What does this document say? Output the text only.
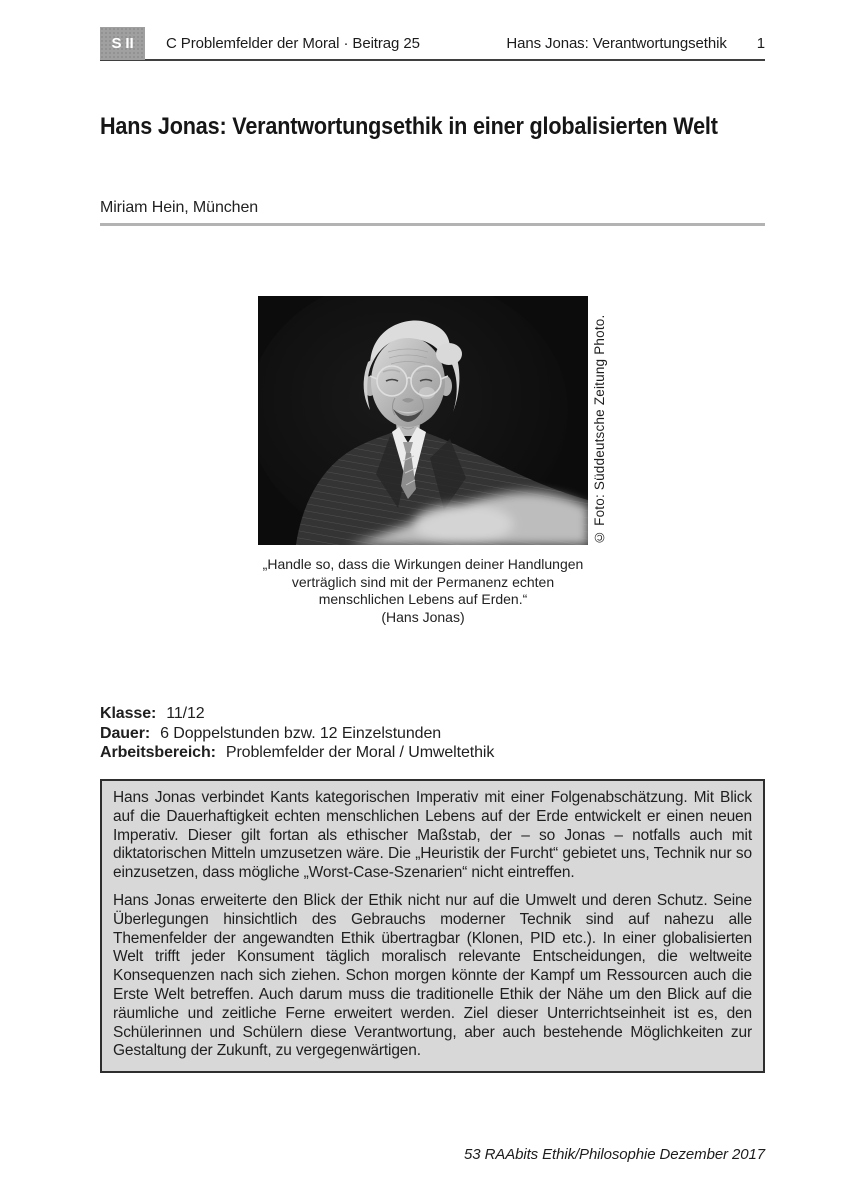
S II	C Problemfelder der Moral · Beitrag 25	Hans Jonas: Verantwortungsethik 1
Hans Jonas: Verantwortungsethik in einer globalisierten Welt
Miriam Hein, München
© Foto: Süddeutsche Zeitung Photo.
„Handle so, dass die Wirkungen deiner Handlungen
verträglich sind mit der Permanenz echten
menschlichen Lebens auf Erden.“
(Hans Jonas)
Klasse: 11/12
Dauer: 6 Doppelstunden bzw. 12 Einzelstunden
Arbeitsbereich: Problemfelder der Moral / Umweltethik

Hans Jonas verbindet Kants kategorischen Imperativ mit einer Folgenabschätzung. Mit Blick auf die Dauerhaftigkeit echten menschlichen Lebens auf der Erde entwickelt er einen neuen Imperativ. Dieser gilt fortan als ethischer Maßstab, der – so Jonas – notfalls auch mit diktatorischen Mitteln umzusetzen wäre. Die „Heuristik der Furcht“ gebietet uns, Technik nur so einzusetzen, dass mögliche „Worst-Case-Szenarien“ nicht eintreffen.

Hans Jonas erweiterte den Blick der Ethik nicht nur auf die Umwelt und deren Schutz. Seine Überlegungen hinsichtlich des Gebrauchs moderner Technik sind auf nahezu alle Themenfelder der angewandten Ethik übertragbar (Klonen, PID etc.). In einer globalisierten Welt trifft jeder Konsument täglich moralisch relevante Entscheidungen, die weltweite Konsequenzen nach sich ziehen. Schon morgen könnte der Kampf um Ressourcen auch die Erste Welt betreffen. Auch darum muss die traditionelle Ethik der Nähe um den Blick auf die räumliche und zeitliche Ferne erweitert werden. Ziel dieser Unterrichtseinheit ist es, den Schülerinnen und Schülern diese Verantwortung, aber auch bestehende Möglichkeiten zur Gestaltung der Zukunft, zu vergegenwärtigen.

53 RAAbits Ethik/Philosophie Dezember 2017
